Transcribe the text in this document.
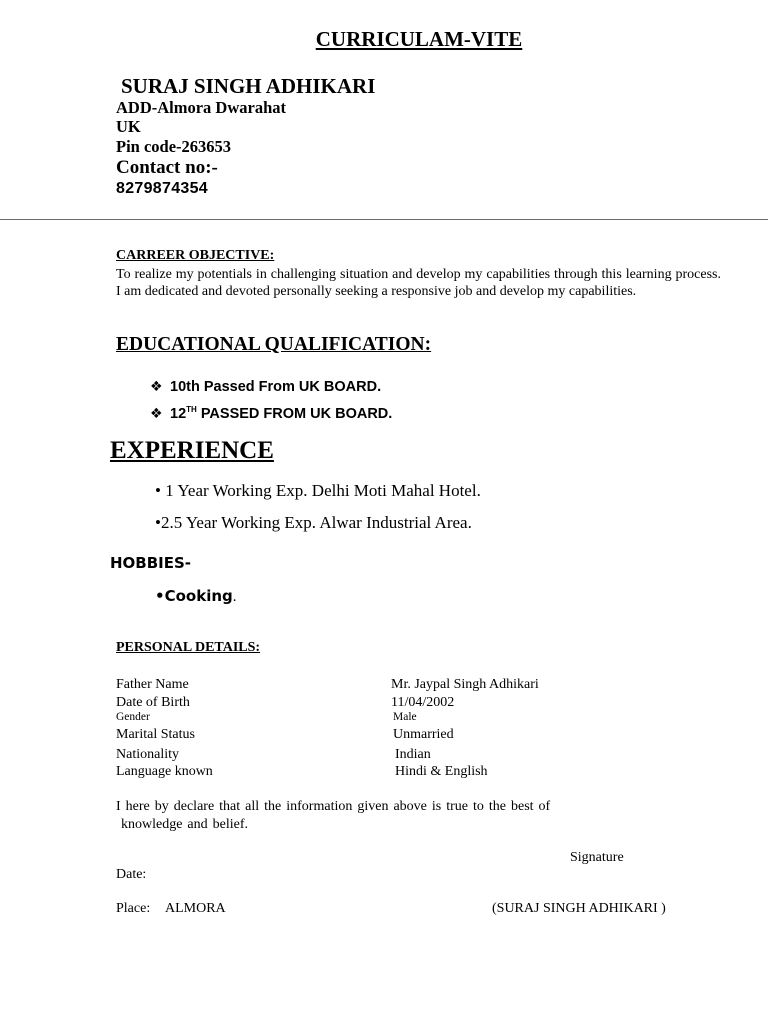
CURRICULAM-VITE
SURAJ SINGH ADHIKARI
ADD-Almora Dwarahat
UK
Pin code-263653
Contact no:-
8279874354
CARREER OBJECTIVE:
To realize my potentials in challenging situation and develop my capabilities through this learning process. I am dedicated and devoted personally seeking a responsive job and develop my capabilities.
EDUCATIONAL QUALIFICATION:
❖ 10th Passed From UK BOARD.
❖ 12TH PASSED FROM UK BOARD.
EXPERIENCE
• 1 Year Working Exp. Delhi Moti Mahal Hotel.
•2.5 Year Working Exp. Alwar Industrial Area.
HOBBIES-
•Cooking.
PERSONAL DETAILS:
Father Name	Mr. Jaypal Singh Adhikari
Date of Birth	11/04/2002
Gender	Male
Marital Status	Unmarried
Nationality	Indian
Language known	Hindi & English
I here by declare that all the information given above is true to the best of
knowledge and belief.
Signature
Date:
Place: ALMORA	(SURAJ SINGH ADHIKARI )
